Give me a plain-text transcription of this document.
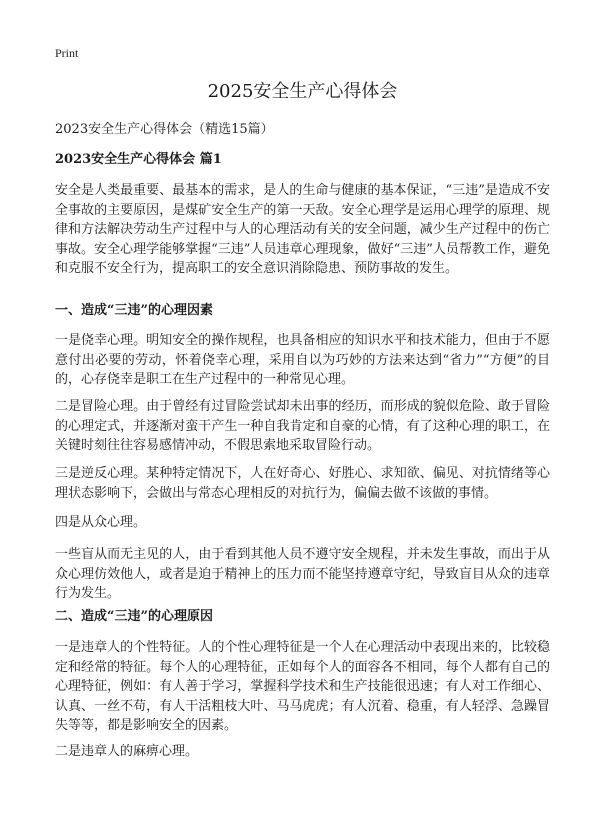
Print
2025安全生产心得体会

2023安全生产心得体会（精选15篇）

2023安全生产心得体会 篇1

安全是人类最重要、最基本的需求，是人的生命与健康的基本保证，“三违”是造成不安全事故的主要原因，是煤矿安全生产的第一天敌。安全心理学是运用心理学的原理、规律和方法解决劳动生产过程中与人的心理活动有关的安全问题，减少生产过程中的伤亡事故。安全心理学能够掌握“三违”人员违章心理现象，做好“三违”人员帮教工作，避免和克服不安全行为，提高职工的安全意识消除隐患、预防事故的发生。

一、造成“三违”的心理因素

一是侥幸心理。明知安全的操作规程，也具备相应的知识水平和技术能力，但由于不愿意付出必要的劳动，怀着侥幸心理，采用自以为巧妙的方法来达到“省力”“方便”的目的，心存侥幸是职工在生产过程中的一种常见心理。

二是冒险心理。由于曾经有过冒险尝试却未出事的经历，而形成的貌似危险、敢于冒险的心理定式，并逐渐对蛮干产生一种自我肯定和自豪的心情，有了这种心理的职工，在关键时刻往往容易感情冲动，不假思索地采取冒险行动。

三是逆反心理。某种特定情况下，人在好奇心、好胜心、求知欲、偏见、对抗情绪等心理状态影响下，会做出与常态心理相反的对抗行为，偏偏去做不该做的事情。

四是从众心理。

一些盲从而无主见的人，由于看到其他人员不遵守安全规程，并未发生事故，而出于从众心理仿效他人，或者是迫于精神上的压力而不能坚持遵章守纪，导致盲目从众的违章行为发生。

二、造成“三违”的心理原因

一是违章人的个性特征。人的个性心理特征是一个人在心理活动中表现出来的，比较稳定和经常的特征。每个人的心理特征，正如每个人的面容各不相同，每个人都有自己的心理特征，例如：有人善于学习，掌握科学技术和生产技能很迅速；有人对工作细心、认真、一丝不苟，有人干活粗枝大叶、马马虎虎；有人沉着、稳重，有人轻浮、急躁冒失等等，都是影响安全的因素。

二是违章人的麻痹心理。
